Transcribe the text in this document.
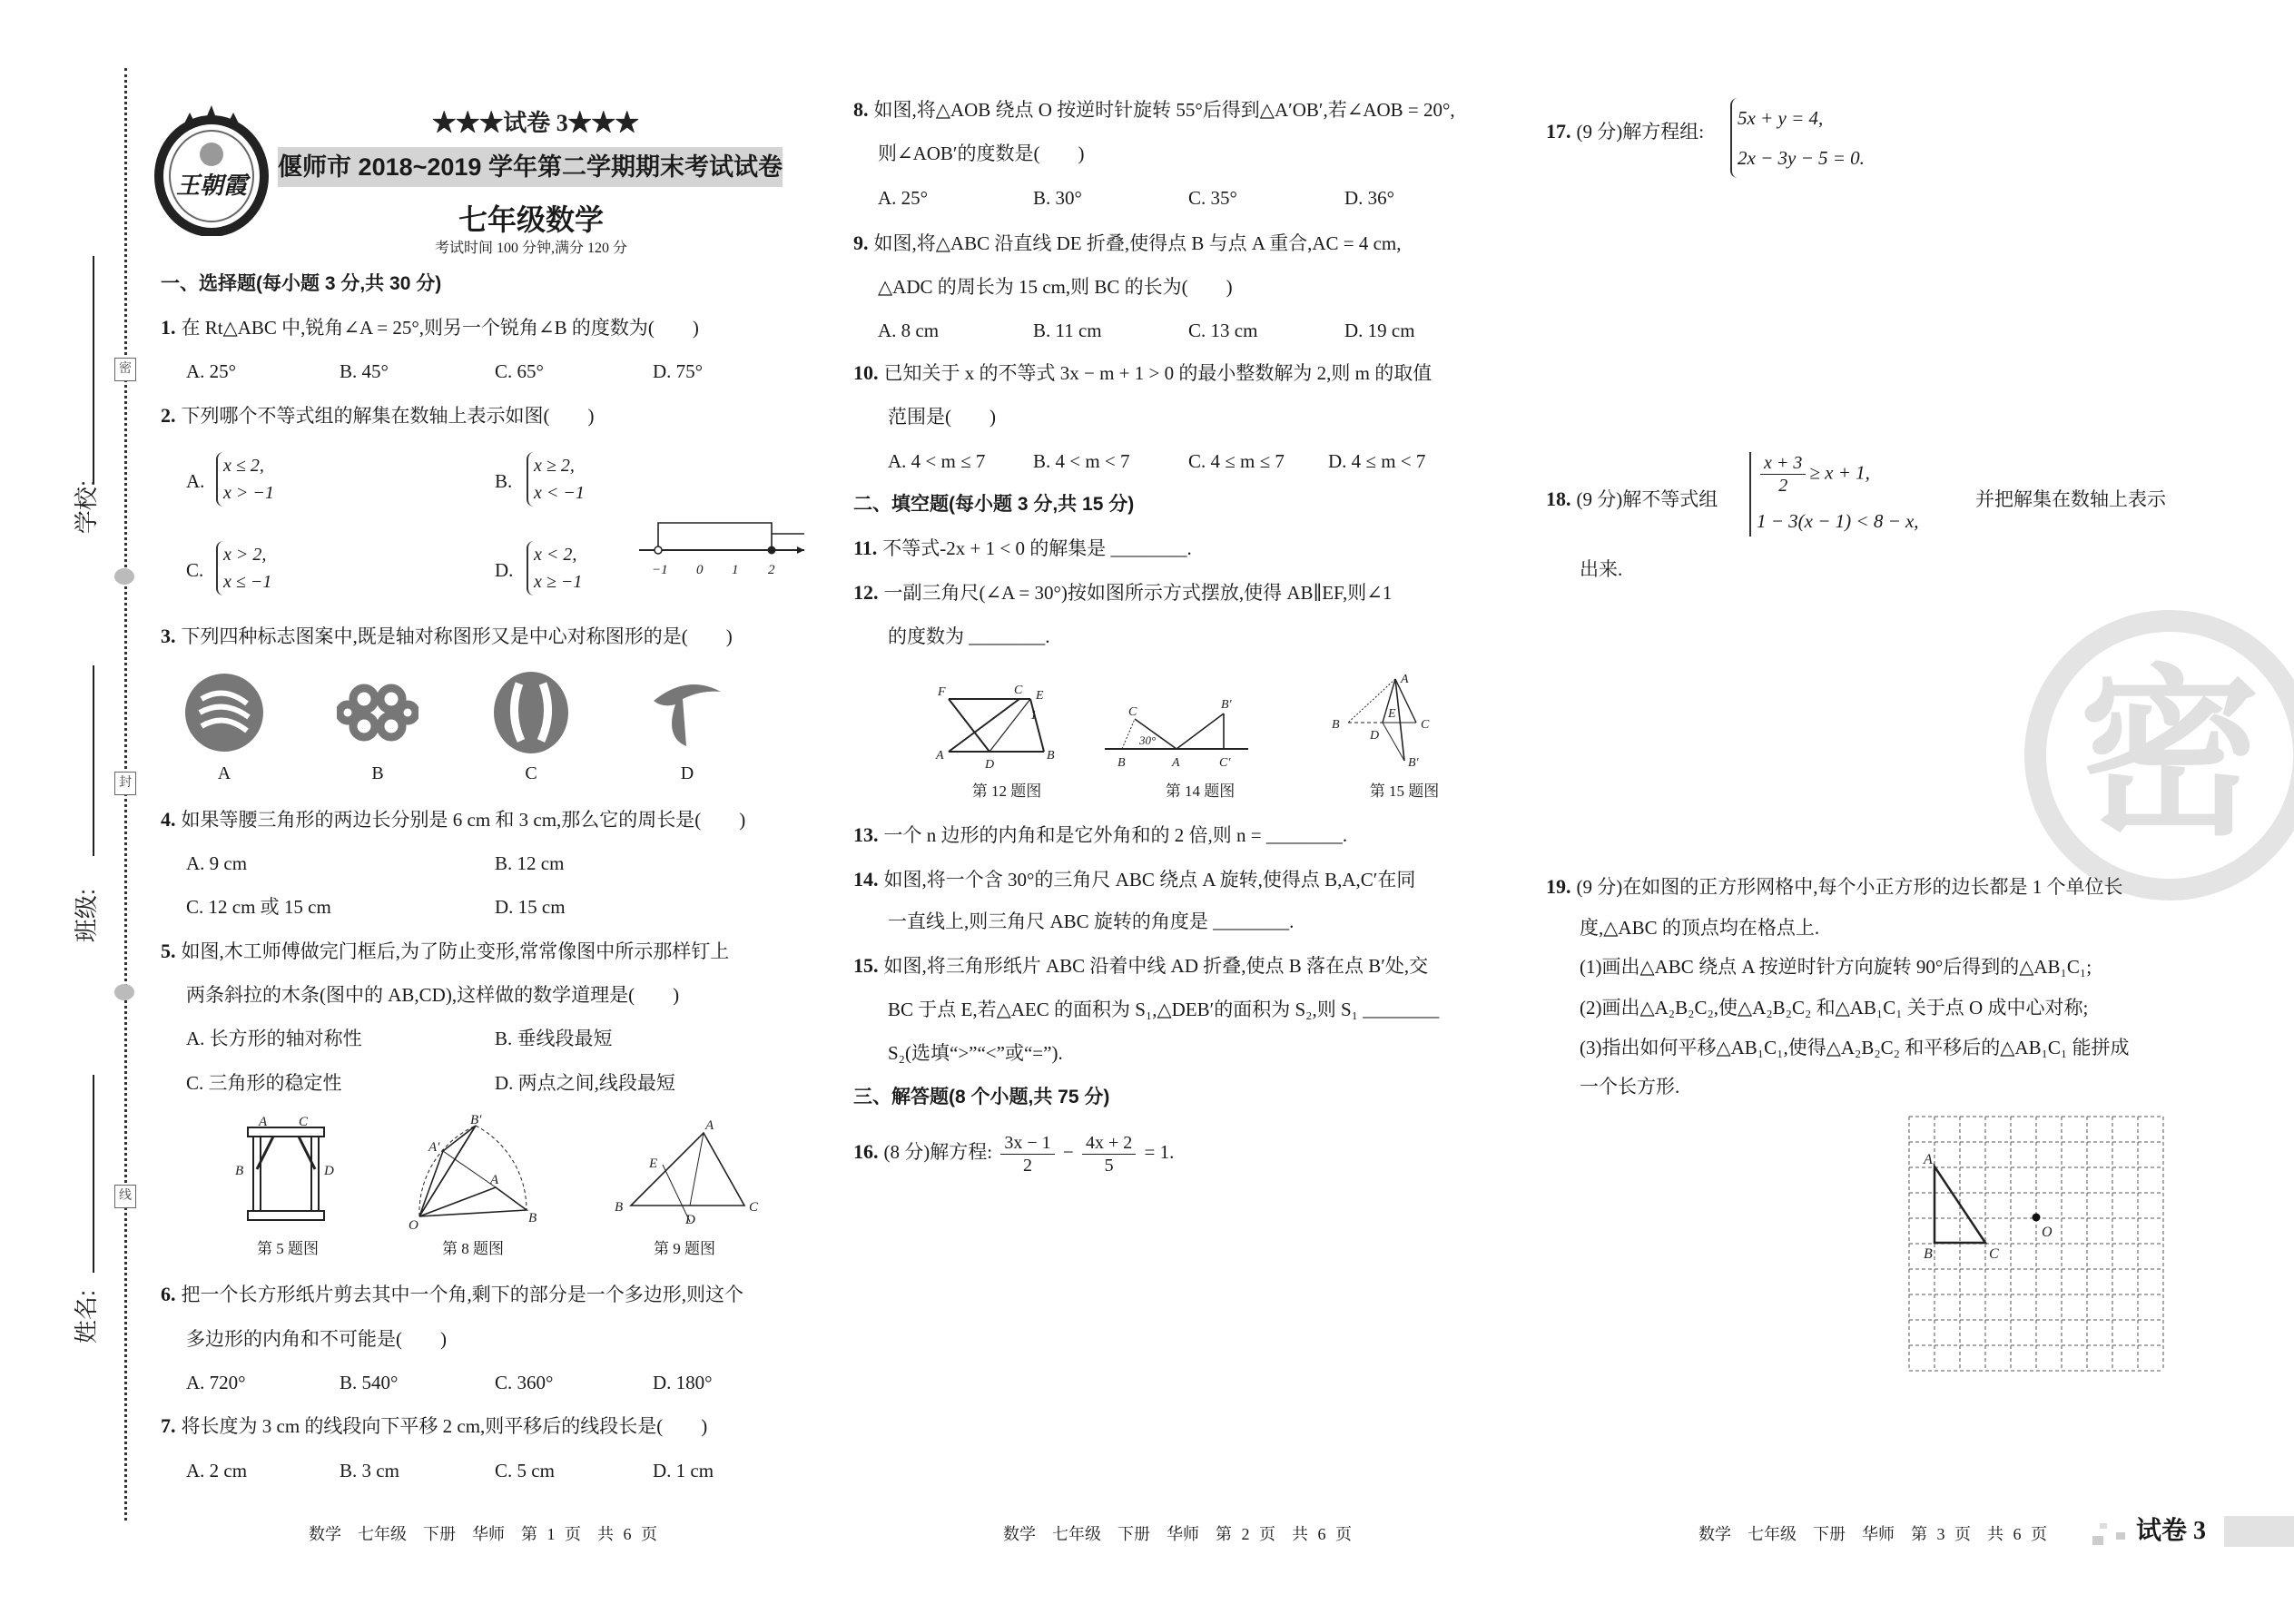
学校:
班级:
姓名:
密
封
线
王朝霞
★★★试卷 3★★★
偃师市 2018~2019 学年第二学期期末考试试卷
七年级数学
考试时间 100 分钟,满分 120 分
一、选择题(每小题 3 分,共 30 分)
1. 在 Rt△ABC 中,锐角∠A = 25°,则另一个锐角∠B 的度数为(　　)
A. 25°	B. 45°	C. 65°	D. 75°
2. 下列哪个不等式组的解集在数轴上表示如图(　　)
A.
x ≤ 2,
x > −1
B.
x ≥ 2,
x < −1
C.
x > 2,
x ≤ −1
D.
x < 2,
x ≥ −1
−1 0 1 2
3. 下列四种标志图案中,既是轴对称图形又是中心对称图形的是(　　)
A	B	C	D
4. 如果等腰三角形的两边长分别是 6 cm 和 3 cm,那么它的周长是(　　)
A. 9 cm	B. 12 cm
C. 12 cm 或 15 cm	D. 15 cm
5. 如图,木工师傅做完门框后,为了防止变形,常常像图中所示那样钉上
两条斜拉的木条(图中的 AB,CD),这样做的数学道理是(　　)
A. 长方形的轴对称性	B. 垂线段最短
C. 三角形的稳定性	D. 两点之间,线段最短
A C
B	D
第 5 题图
A′
B′
A
O	B
第 8 题图
A
E
B
D
C
第 9 题图
6. 把一个长方形纸片剪去其中一个角,剩下的部分是一个多边形,则这个
多边形的内角和不可能是(　　)
A. 720°	B. 540°	C. 360°	D. 180°
7. 将长度为 3 cm 的线段向下平移 2 cm,则平移后的线段长是(　　)
A. 2 cm	B. 3 cm	C. 5 cm	D. 1 cm
8. 如图,将△AOB 绕点 O 按逆时针旋转 55°后得到△A′OB′,若∠AOB = 20°,
则∠AOB′的度数是(　　)
A. 25°	B. 30°	C. 35°	D. 36°
9. 如图,将△ABC 沿直线 DE 折叠,使得点 B 与点 A 重合,AC = 4 cm,
△ADC 的周长为 15 cm,则 BC 的长为(　　)
A. 8 cm	B. 11 cm	C. 13 cm	D. 19 cm
10. 已知关于 x 的不等式 3x − m + 1 > 0 的最小整数解为 2,则 m 的取值
范围是(　　)
A. 4 < m ≤ 7	B. 4 < m < 7	C. 4 ≤ m ≤ 7 D. 4 ≤ m < 7
二、填空题(每小题 3 分,共 15 分)
11. 不等式-2x + 1 < 0 的解集是 ________.
12. 一副三角尺(∠A = 30°)按如图所示方式摆放,使得 AB∥EF,则∠1
的度数为 ________.
F	C E
1
A
D
B
第 12 题图
C
30°
B′
B	A	C′
第 14 题图
A
B
E
C
D
B′
第 15 题图
13. 一个 n 边形的内角和是它外角和的 2 倍,则 n = ________.
14. 如图,将一个含 30°的三角尺 ABC 绕点 A 旋转,使得点 B,A,C′在同
一直线上,则三角尺 ABC 旋转的角度是 ________.
15. 如图,将三角形纸片 ABC 沿着中线 AD 折叠,使点 B 落在点 B′处,交
BC 于点 E,若△AEC 的面积为 S₁,△DEB′的面积为 S₂,则 S₁ ________
S₂(选填“>”“<”或“=”).
三、解答题(8 个小题,共 75 分)
16. (8 分)解方程: $\frac{3x - 1}{2} - \frac{4x + 2}{5} = 1$.
17. (9 分)解方程组:
5x + y = 4,
2x − 3y − 5 = 0.
18. (9 分)解不等式组
$\frac{x + 3}{2} \ge x + 1$,
1 − 3(x − 1) < 8 − x,
并把解集在数轴上表示
出来.
密
19. (9 分)在如图的正方形网格中,每个小正方形的边长都是 1 个单位长
度,△ABC 的顶点均在格点上.
(1)画出△ABC 绕点 A 按逆时针方向旋转 90°后得到的△AB₁C₁;
(2)画出△A₂B₂C₂,使△A₂B₂C₂ 和△AB₁C₁ 关于点 O 成中心对称;
(3)指出如何平移△AB₁C₁,使得△A₂B₂C₂ 和平移后的△AB₁C₁ 能拼成
一个长方形.
A
B	C
O
数学　七年级　下册　华师　第 1 页　共 6 页	数学　七年级　下册　华师　第 2 页　共 6 页	数学　七年级　下册　华师　第 3 页　共 6 页	试卷 3
